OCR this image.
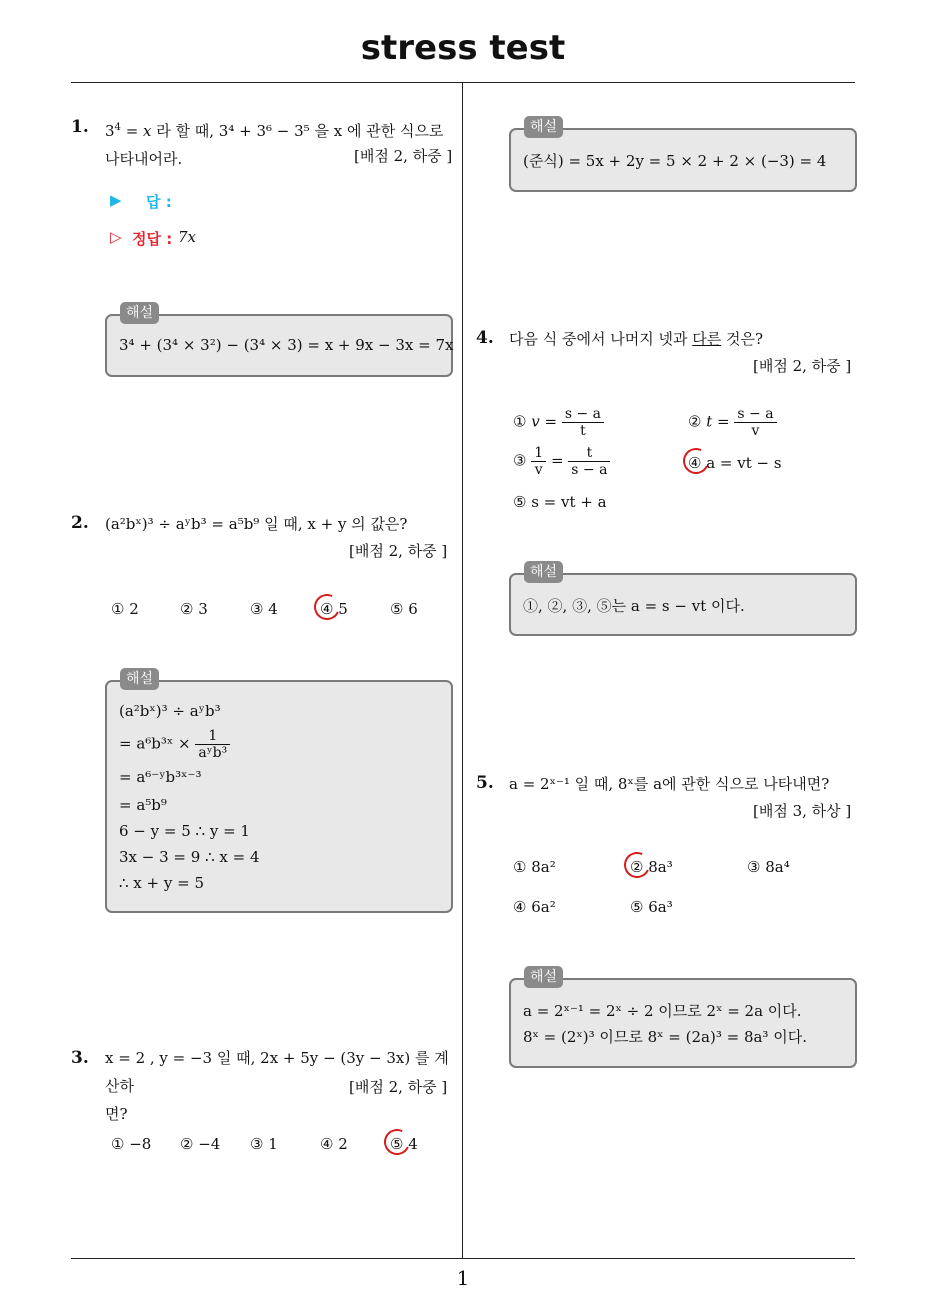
stress test
1
1. $3^4 = x$ 라 할 때, 3⁴ + 3⁶ − 3⁵ 을 x 에 관한 식으로
나타내어라.	[배점 2, 하중 ]
▶ 답 :
▷ 정답 : 7x
3⁴ + (3⁴ × 3²) − (3⁴ × 3) = x + 9x − 3x = 7x
해설
2. (a²bˣ)³ ÷ aʸb³ = a⁵b⁹ 일 때, x + y 의 값은?
[배점 2, 하중 ]
① 2	② 3	③ 4	④ 5	⑤ 6
(a²bˣ)³ ÷ aʸb³
= a⁶b³ˣ × $\frac{1}{\text{aʸb³}}$
= a⁶⁻ʸb³ˣ⁻³
= a⁵b⁹
6 − y = 5 ∴ y = 1
3x − 3 = 9 ∴ x = 4
∴ x + y = 5
해설
3. x = 2 , y = −3 일 때, 2x + 5y − (3y − 3x) 를 계산하
면?
[배점 2, 하중 ]
① −8 ② −4 ③ 1	④ 2	⑤ 4
(준식) = 5x + 2y = 5 × 2 + 2 × (−3) = 4
해설
4. 다음 식 중에서 나머지 넷과 다른 것은?
[배점 2, 하중 ]
① $v = \frac{s - a}{t}$	② $t = \frac{s - a}{v}$
③ $\frac{1}{v} = \frac{t}{s - a}$	④ a = vt − s
⑤ s = vt + a
①, ②, ③, ⑤는 a = s − vt 이다.
해설
5. a = 2ˣ⁻¹ 일 때, 8ˣ를 a에 관한 식으로 나타내면?
[배점 3, 하상 ]
① 8a²	② 8a³	③ 8a⁴
④ 6a²	⑤ 6a³
a = 2ˣ⁻¹ = 2ˣ ÷ 2 이므로 2ˣ = 2a 이다.
8ˣ = (2ˣ)³ 이므로 8ˣ = (2a)³ = 8a³ 이다.
해설
